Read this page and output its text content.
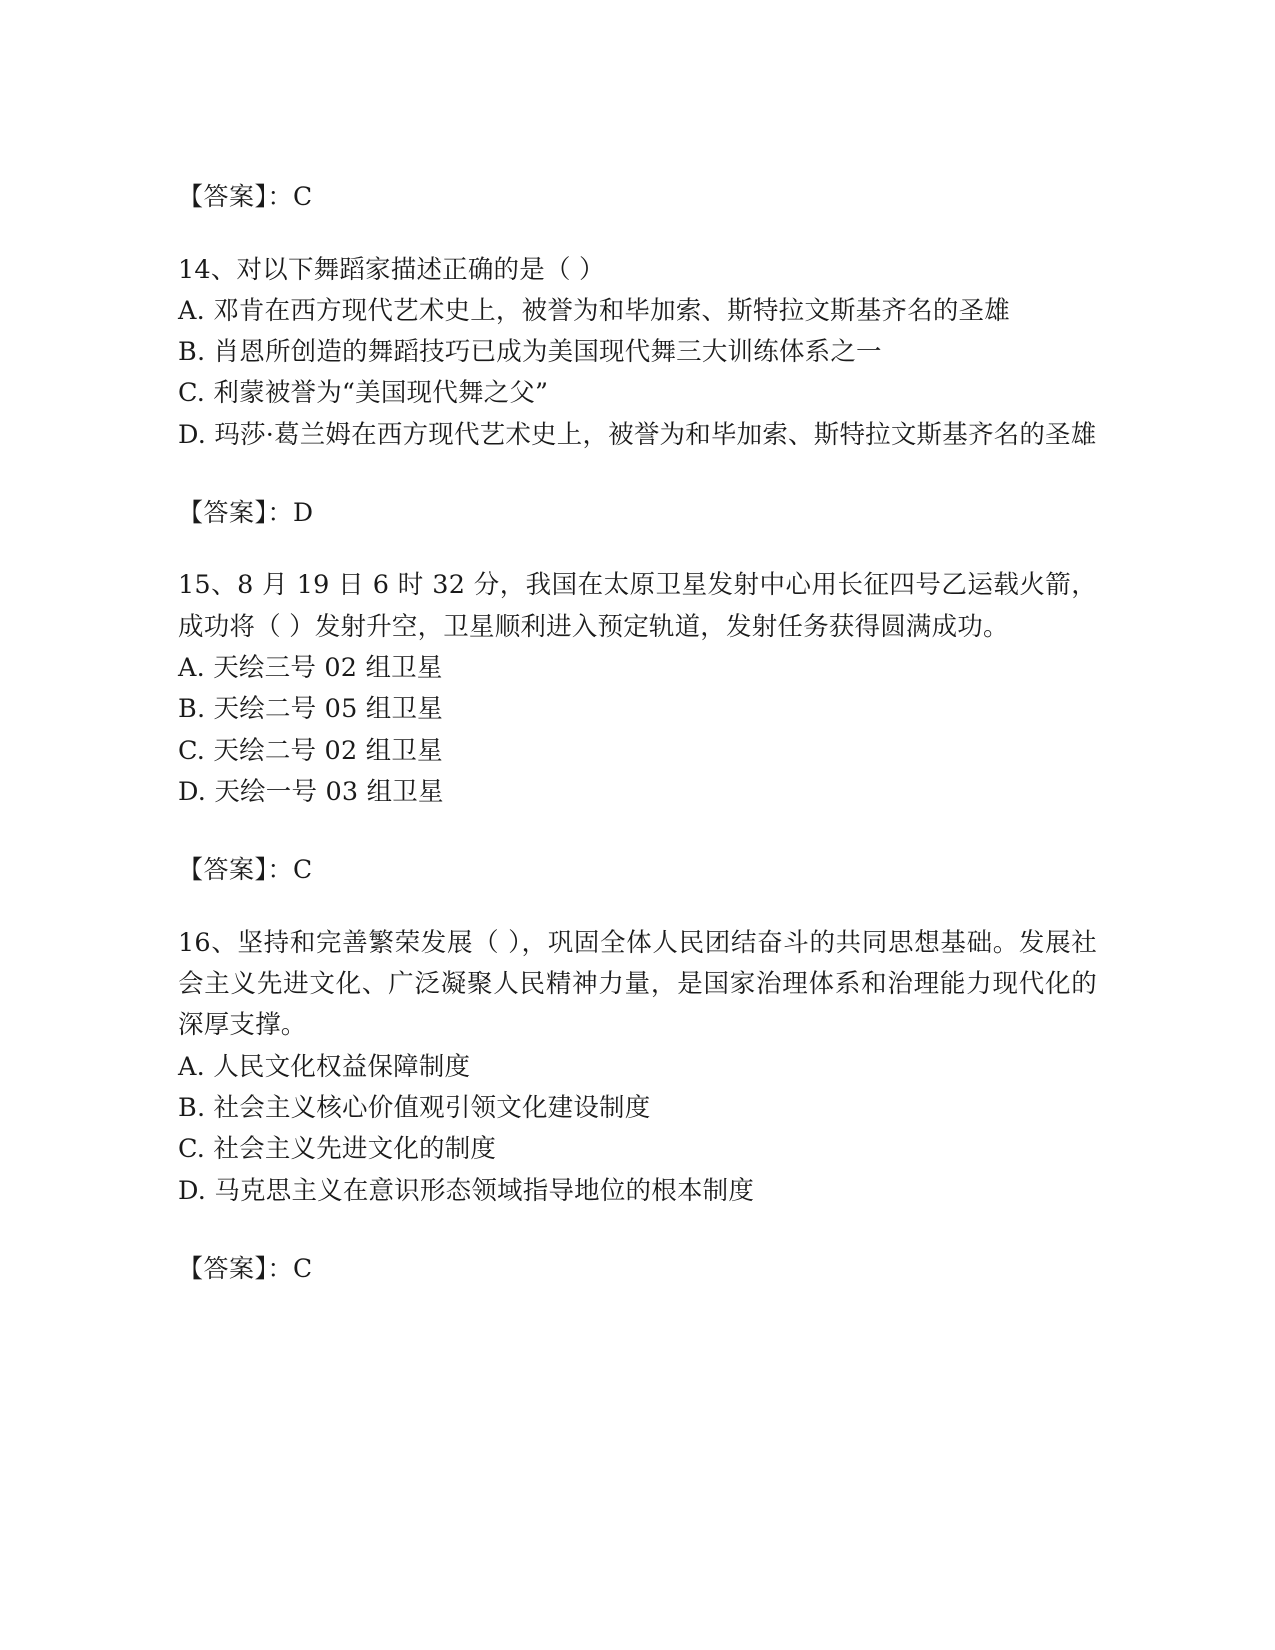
【答案】：C
14、对以下舞蹈家描述正确的是（ ）
A. 邓肯在西方现代艺术史上，被誉为和毕加索、斯特拉文斯基齐名的圣雄
B. 肖恩所创造的舞蹈技巧已成为美国现代舞三大训练体系之一
C. 利蒙被誉为“美国现代舞之父”
D. 玛莎·葛兰姆在西方现代艺术史上，被誉为和毕加索、斯特拉文斯基齐名的圣雄
【答案】：D
15、8 月 19 日 6 时 32 分，我国在太原卫星发射中心用长征四号乙运载火箭，成功将（ ）发射升空，卫星顺利进入预定轨道，发射任务获得圆满成功。
A. 天绘三号 02 组卫星
B. 天绘二号 05 组卫星
C. 天绘二号 02 组卫星
D. 天绘一号 03 组卫星
【答案】：C
16、坚持和完善繁荣发展（ ），巩固全体人民团结奋斗的共同思想基础。发展社会主义先进文化、广泛凝聚人民精神力量，是国家治理体系和治理能力现代化的深厚支撑。
A. 人民文化权益保障制度
B. 社会主义核心价值观引领文化建设制度
C. 社会主义先进文化的制度
D. 马克思主义在意识形态领域指导地位的根本制度
【答案】：C
